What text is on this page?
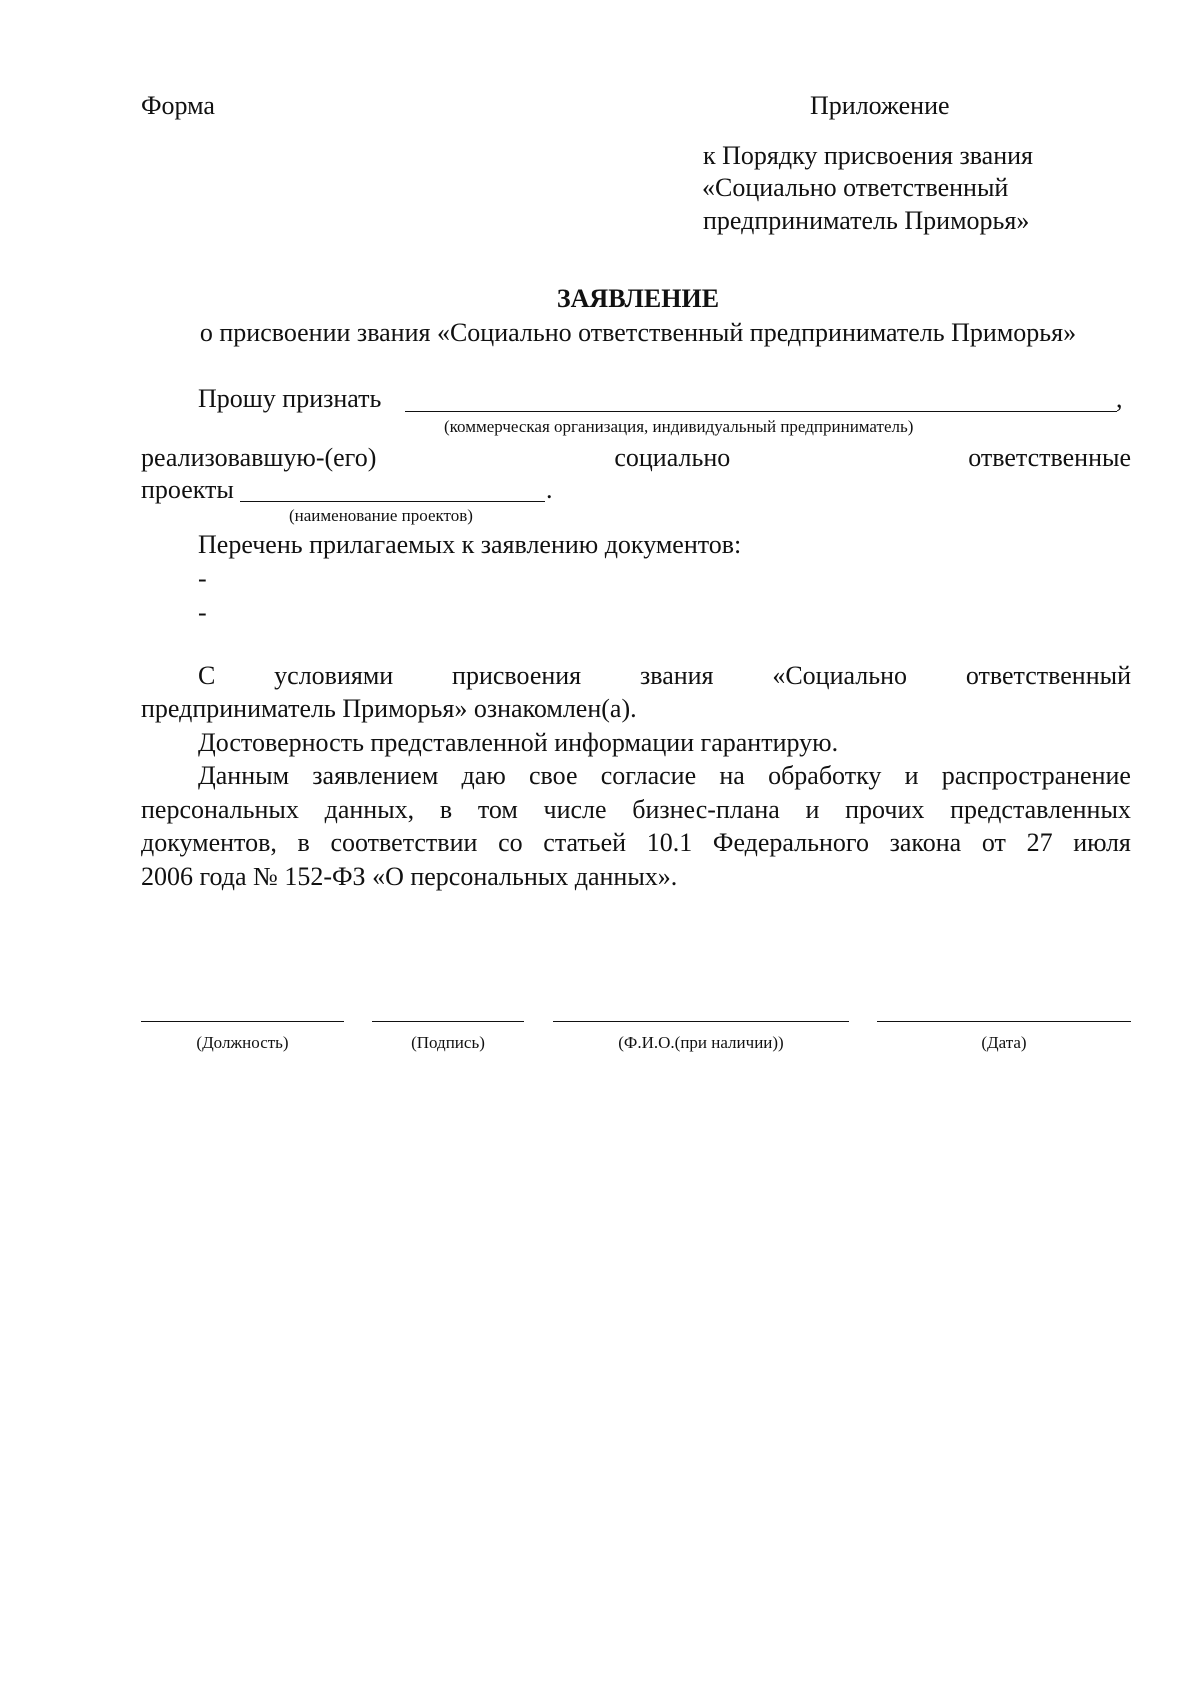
Форма	Приложение
к Порядку присвоения звания
«Социально ответственный
предприниматель Приморья»
ЗАЯВЛЕНИЕ
о присвоении звания «Социально ответственный предприниматель Приморья»
Прошу признать	,
(коммерческая организация, индивидуальный предприниматель)
реализовавшую-(его)	социально	ответственные
проекты	.
(наименование проектов)
Перечень прилагаемых к заявлению документов:
-
-
С условиями присвоения звания «Социально ответственный
предприниматель Приморья» ознакомлен(а).
Достоверность представленной информации гарантирую.
Данным заявлением даю свое согласие на обработку и распространение
персональных данных, в том числе бизнес-плана и прочих представленных
документов, в соответствии со статьей 10.1 Федерального закона от 27 июля
2006 года № 152-ФЗ «О персональных данных».
(Должность)	(Подпись)	(Ф.И.О.(при наличии))	(Дата)
